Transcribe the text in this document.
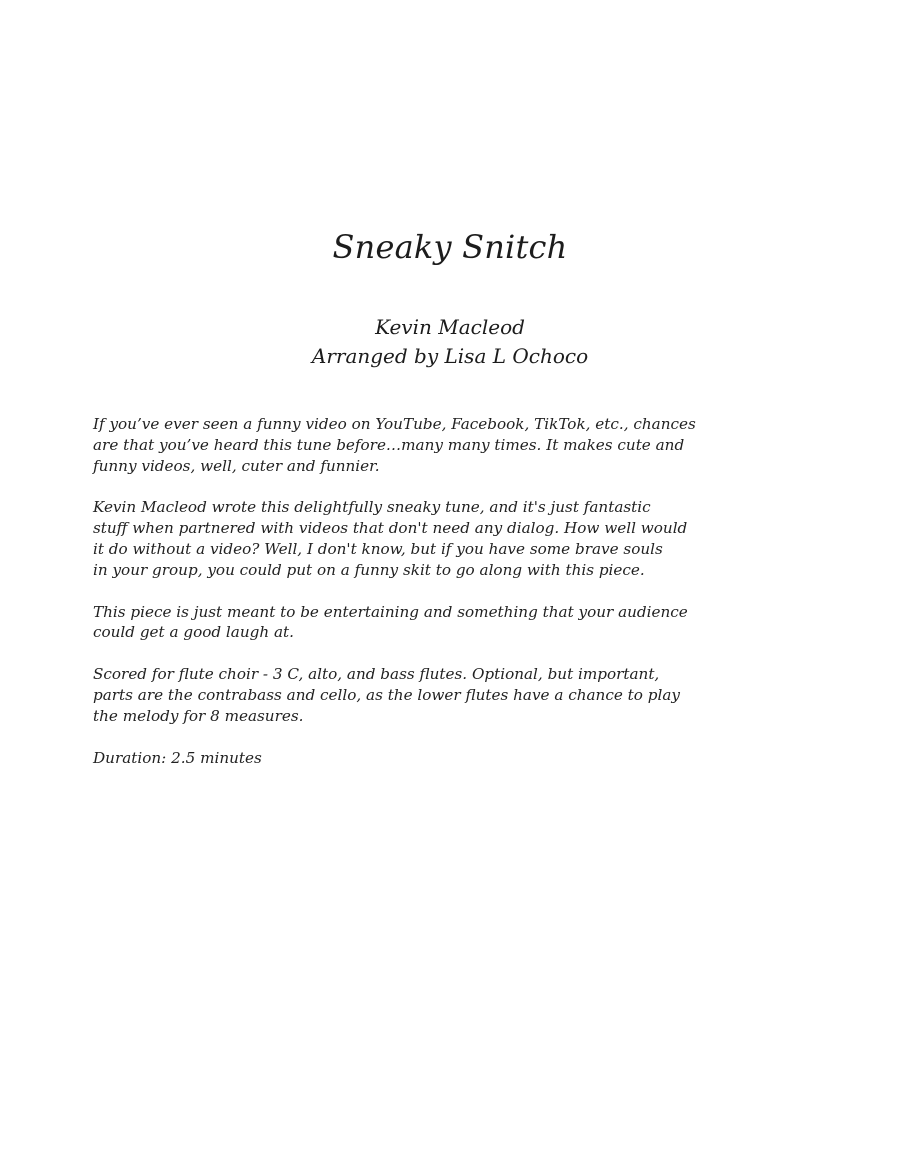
Sneaky Snitch
Kevin Macleod
Arranged by Lisa L Ochoco

If you’ve ever seen a funny video on YouTube, Facebook, TikTok, etc., chances
are that you’ve heard this tune before…many many times. It makes cute and
funny videos, well, cuter and funnier.

Kevin Macleod wrote this delightfully sneaky tune, and it's just fantastic
stuff when partnered with videos that don't need any dialog. How well would
it do without a video? Well, I don't know, but if you have some brave souls
in your group, you could put on a funny skit to go along with this piece.

This piece is just meant to be entertaining and something that your audience
could get a good laugh at.

Scored for flute choir - 3 C, alto, and bass flutes. Optional, but important,
parts are the contrabass and cello, as the lower flutes have a chance to play
the melody for 8 measures.

Duration: 2.5 minutes
